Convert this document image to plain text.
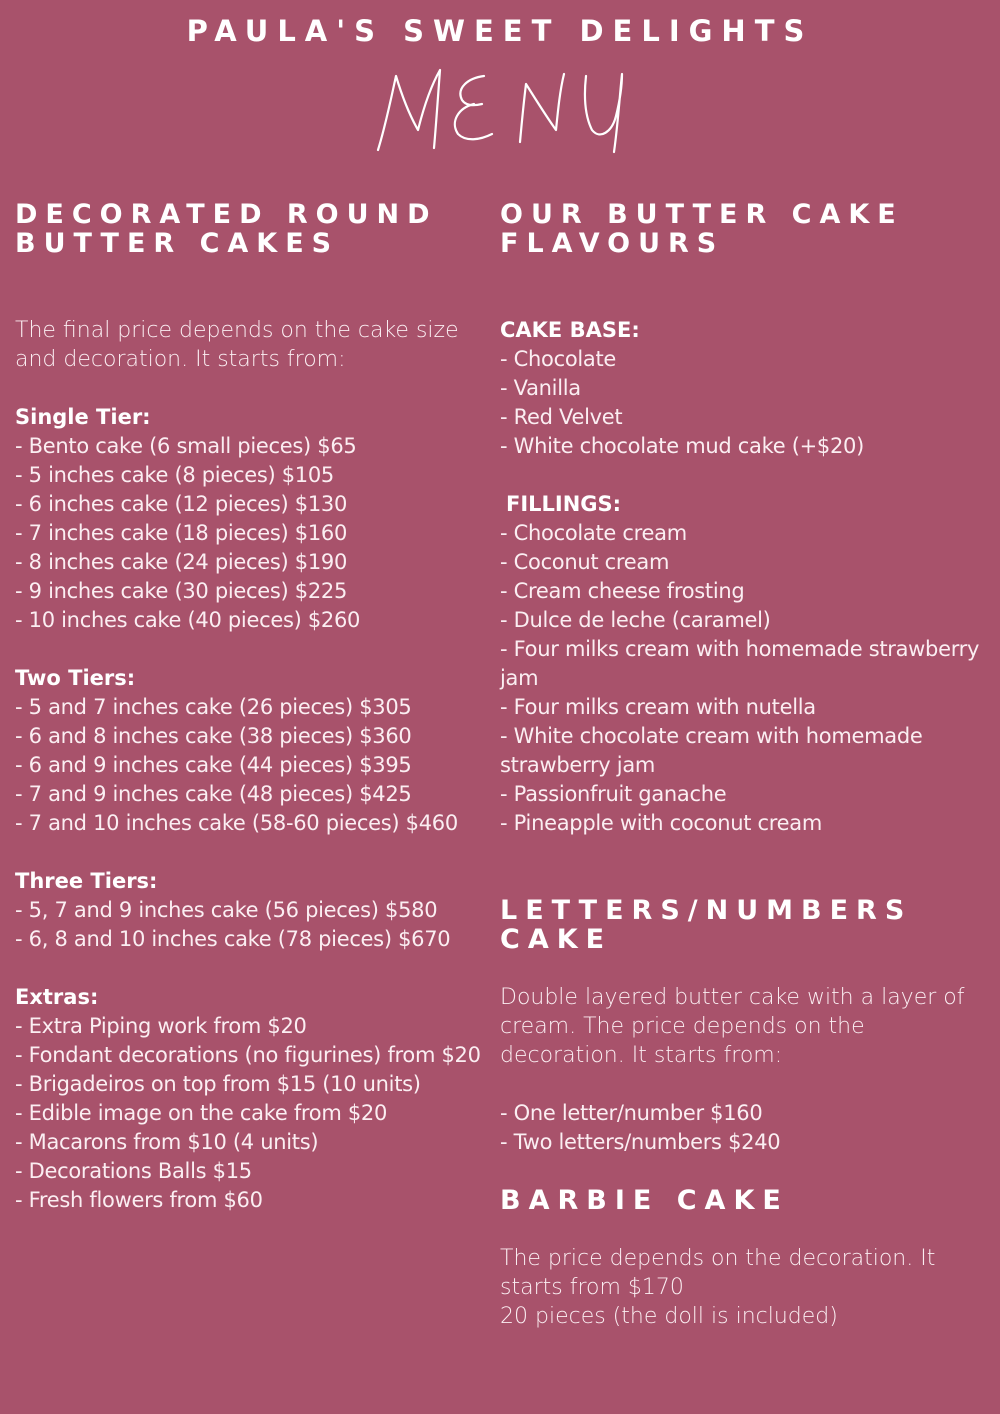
PAULA'S SWEET DELIGHTS
DECORATED ROUND
BUTTER CAKES

The final price depends on the cake size and decoration. It starts from:

Single Tier:

- Bento cake (6 small pieces) $65
- 5 inches cake (8 pieces) $105
- 6 inches cake (12 pieces) $130
- 7 inches cake (18 pieces) $160
- 8 inches cake (24 pieces) $190
- 9 inches cake (30 pieces) $225
- 10 inches cake (40 pieces) $260

Two Tiers:

- 5 and 7 inches cake (26 pieces) $305
- 6 and 8 inches cake (38 pieces) $360
- 6 and 9 inches cake (44 pieces) $395
- 7 and 9 inches cake (48 pieces) $425
- 7 and 10 inches cake (58-60 pieces) $460

Three Tiers:

- 5, 7 and 9 inches cake (56 pieces) $580
- 6, 8 and 10 inches cake (78 pieces) $670

Extras:

- Extra Piping work from $20
- Fondant decorations (no figurines) from $20
- Brigadeiros on top from $15 (10 units)
- Edible image on the cake from $20
- Macarons from $10 (4 units)
- Decorations Balls $15
- Fresh flowers from $60
OUR BUTTER CAKE
FLAVOURS

CAKE BASE:

- Chocolate
- Vanilla
- Red Velvet
- White chocolate mud cake (+$20)

FILLINGS:

- Chocolate cream
- Coconut cream
- Cream cheese frosting
- Dulce de leche (caramel)
- Four milks cream with homemade strawberry jam
- Four milks cream with nutella
- White chocolate cream with homemade strawberry jam
- Passionfruit ganache
- Pineapple with coconut cream
LETTERS/NUMBERS
CAKE

Double layered butter cake with a layer of cream. The price depends on the decoration. It starts from:

- One letter/number $160
- Two letters/numbers $240
BARBIE CAKE

The price depends on the decoration. It starts from $170

20 pieces (the doll is included)
